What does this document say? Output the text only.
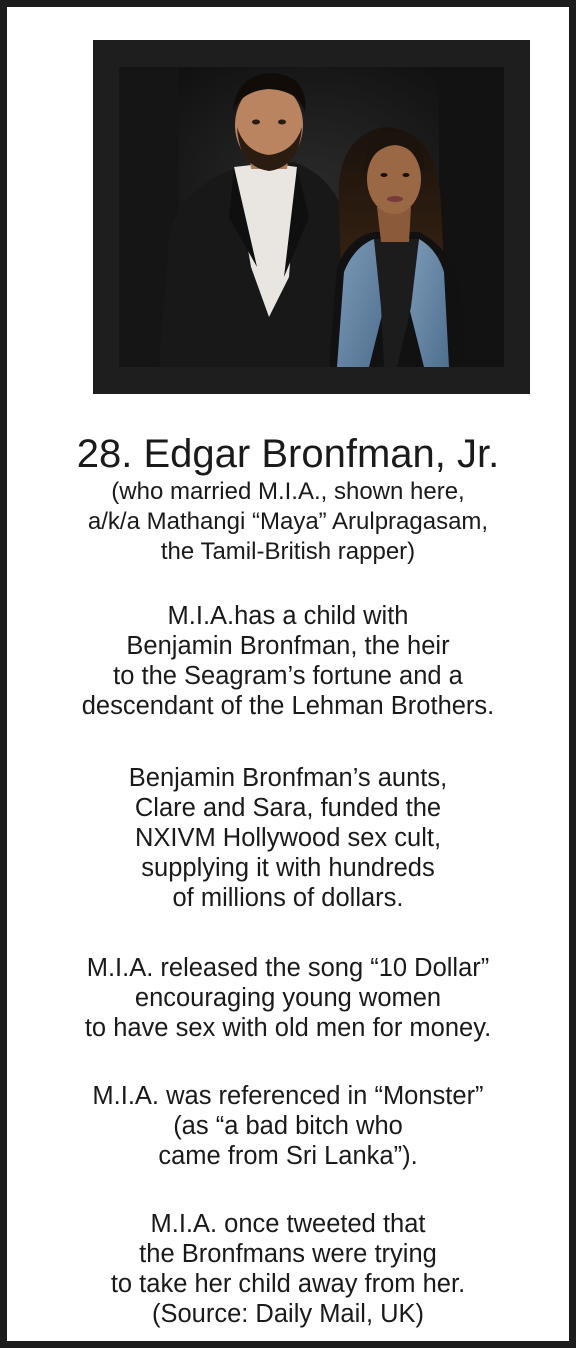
28. Edgar Bronfman, Jr.
(who married M.I.A., shown here,
a/k/a Mathangi “Maya” Arulpragasam,
the Tamil-British rapper)
M.I.A.has a child with
Benjamin Bronfman, the heir
to the Seagram’s fortune and a
descendant of the Lehman Brothers.
Benjamin Bronfman’s aunts,
Clare and Sara, funded the
NXIVM Hollywood sex cult,
supplying it with hundreds
of millions of dollars.
M.I.A. released the song “10 Dollar”
encouraging young women
to have sex with old men for money.
M.I.A. was referenced in “Monster”
(as “a bad bitch who
came from Sri Lanka”).
M.I.A. once tweeted that
the Bronfmans were trying
to take her child away from her.
(Source: Daily Mail, UK)
